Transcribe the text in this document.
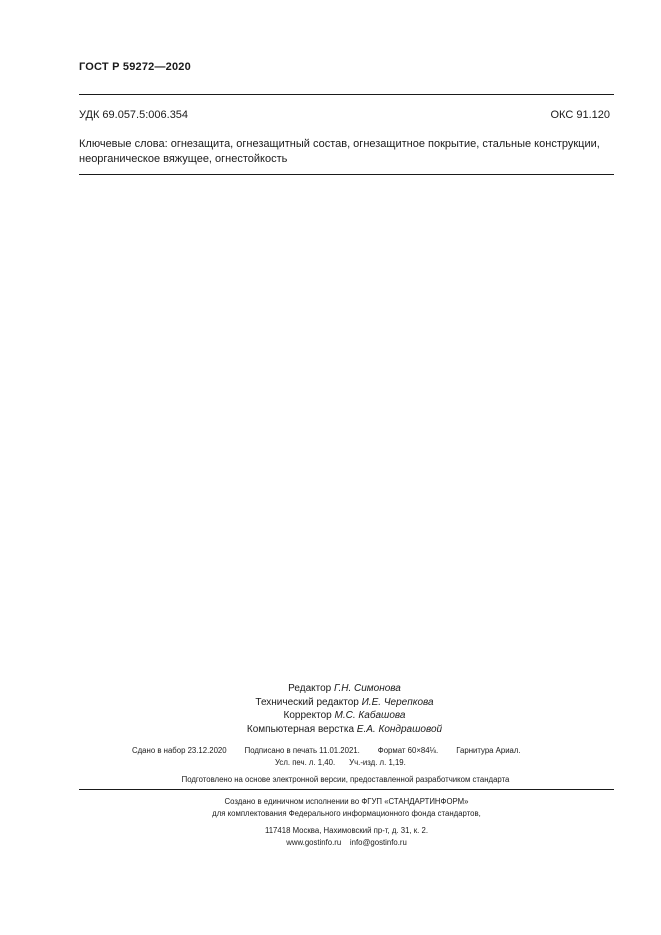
ГОСТ Р 59272—2020
УДК 69.057.5:006.354	ОКС 91.120
Ключевые слова: огнезащита, огнезащитный состав, огнезащитное покрытие, стальные конструкции, неорганическое вяжущее, огнестойкость
Редактор Г.Н. Симонова
Технический редактор И.Е. Черепкова
Корректор М.С. Кабашова
Компьютерная верстка Е.А. Кондрашовой
Сдано в набор 23.12.2020 Подписано в печать 11.01.2021. Формат 60×84⅛. Гарнитура Ариал.
Усл. печ. л. 1,40. Уч.-изд. л. 1,19.
Подготовлено на основе электронной версии, предоставленной разработчиком стандарта
Создано в единичном исполнении во ФГУП «СТАНДАРТИНФОРМ»
для комплектования Федерального информационного фонда стандартов,
117418 Москва, Нахимовский пр-т, д. 31, к. 2.
www.gostinfo.ru info@gostinfo.ru
